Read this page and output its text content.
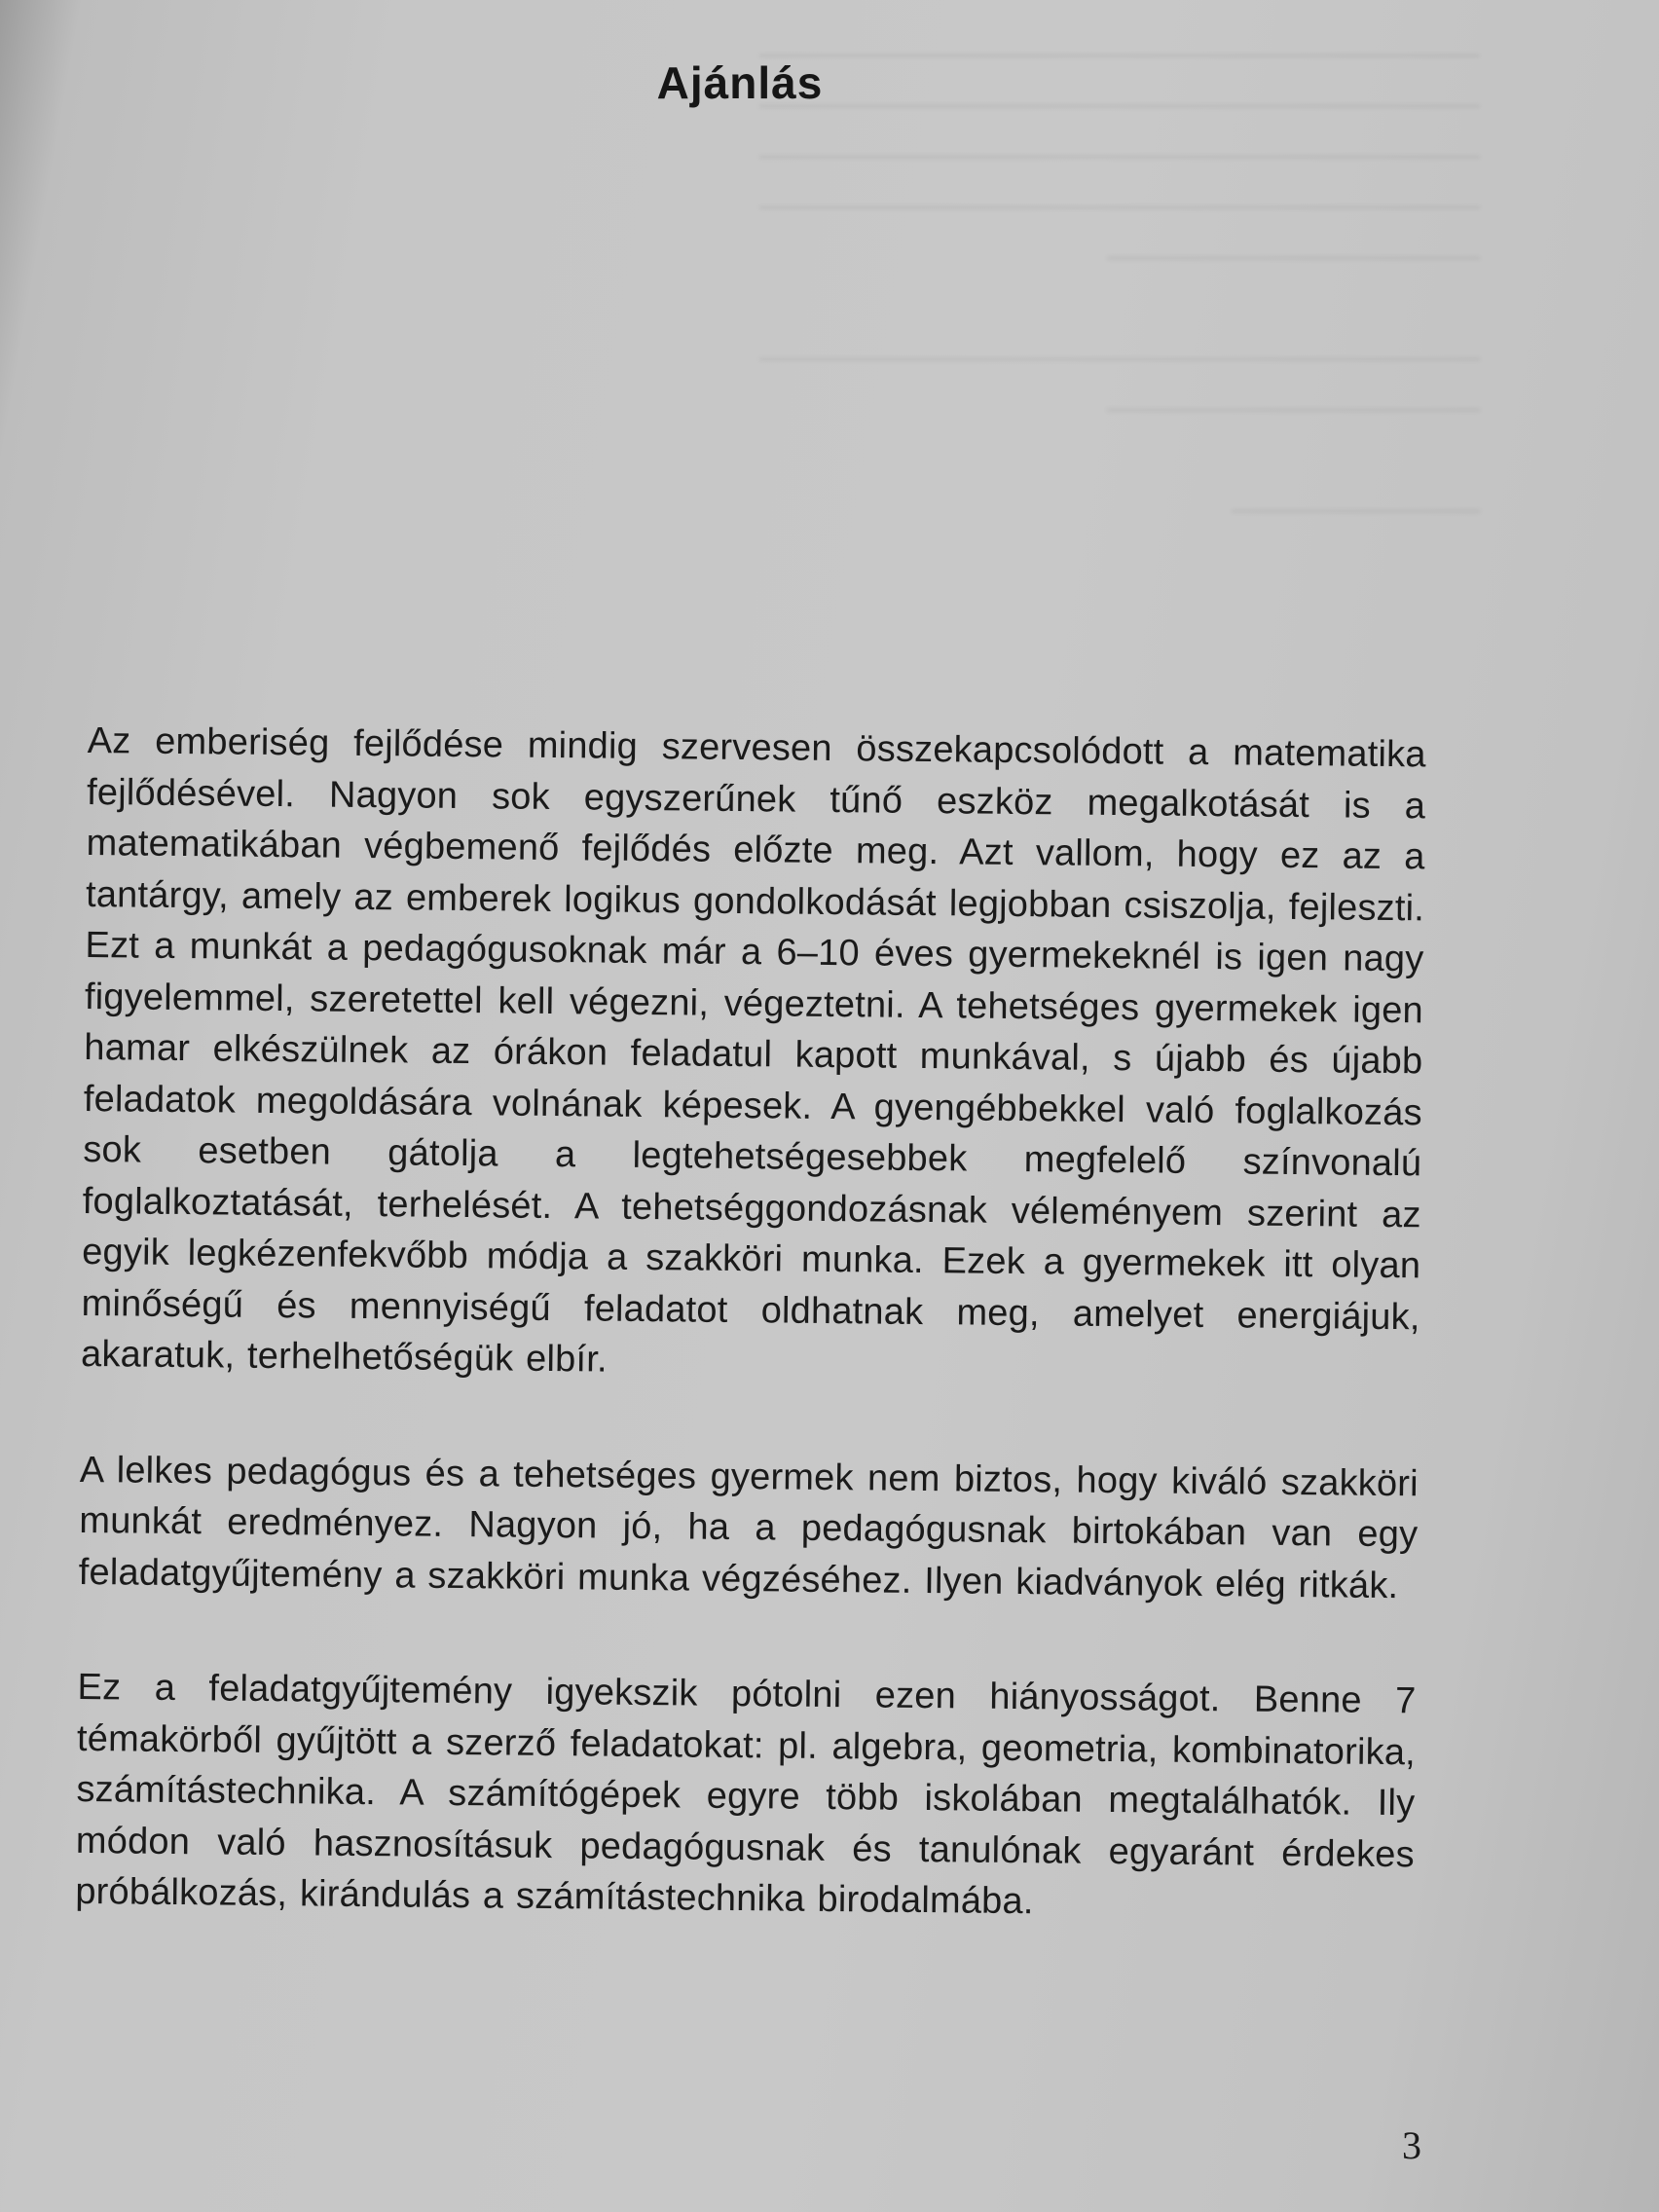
─────────────────────────────
─────────────────────────────
─────────────────────────────
─────────────────────────────
───────────────

─────────────────────────────
───────────────

──────────
Ajánlás

Az emberiség fejlődése mindig szervesen összekapcsolódott a matematika fejlődésével. Nagyon sok egyszerűnek tűnő eszköz megalkotását is a matematikában végbemenő fejlődés előzte meg. Azt vallom, hogy ez az a tantárgy, amely az emberek logikus gondolkodását legjobban csiszolja, fejleszti. Ezt a munkát a pedagógusoknak már a 6–10 éves gyermekeknél is igen nagy figyelemmel, szeretettel kell végezni, végeztetni. A tehetséges gyermekek igen hamar elkészülnek az órákon feladatul kapott munkával, s újabb és újabb feladatok megoldására volnának képesek. A gyengébbekkel való foglalkozás sok esetben gátolja a legtehetségesebbek megfelelő színvonalú foglalkoztatását, terhelését. A tehetséggondozásnak véleményem szerint az egyik legkézenfekvőbb módja a szakköri munka. Ezek a gyermekek itt olyan minőségű és mennyiségű feladatot oldhatnak meg, amelyet energiájuk, akaratuk, terhelhetőségük elbír.

A lelkes pedagógus és a tehetséges gyermek nem biztos, hogy kiváló szakköri munkát eredményez. Nagyon jó, ha a pedagógusnak birtokában van egy feladatgyűjtemény a szakköri munka végzéséhez. Ilyen kiadványok elég ritkák.

Ez a feladatgyűjtemény igyekszik pótolni ezen hiányosságot. Benne 7 témakörből gyűjtött a szerző feladatokat: pl. algebra, geometria, kombinatorika, számítástechnika. A számítógépek egyre több iskolában megtalálhatók. Ily módon való hasznosításuk pedagógusnak és tanulónak egyaránt érdekes próbálkozás, kirándulás a számítástechnika birodalmába.

3
